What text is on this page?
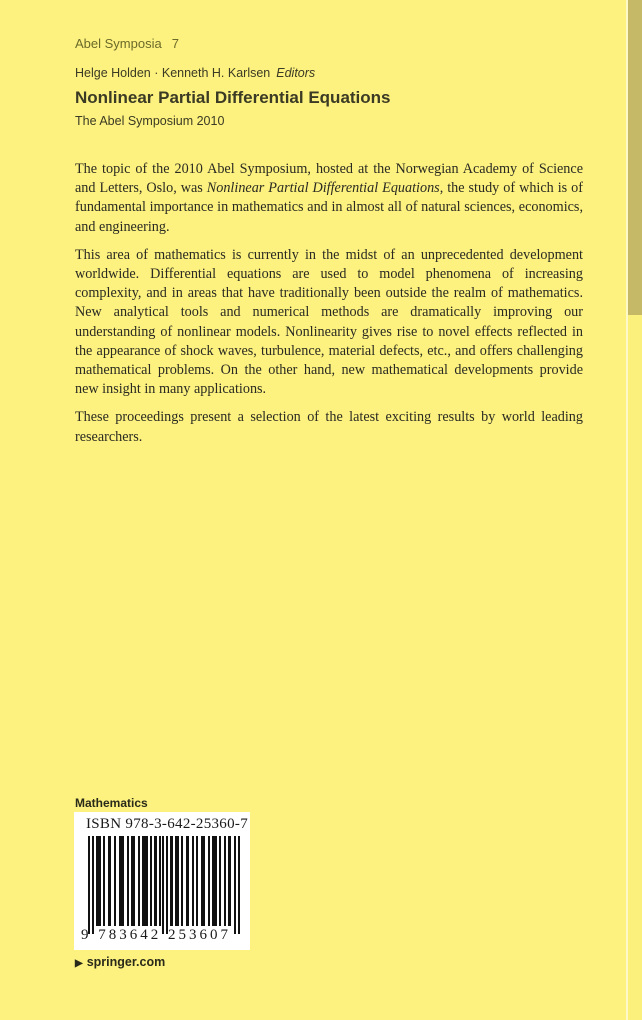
Abel Symposia 7
Helge Holden · Kenneth H. Karlsen Editors
Nonlinear Partial Differential Equations
The Abel Symposium 2010

The topic of the 2010 Abel Symposium, hosted at the Norwegian Academy of Science and Letters, Oslo, was Nonlinear Partial Differential Equations, the study of which is of fundamental importance in mathematics and in almost all of natural sciences, economics, and engineering.

This area of mathematics is currently in the midst of an unprecedented development worldwide. Differential equations are used to model phenomena of increasing complexity, and in areas that have traditionally been outside the realm of mathematics. New analytical tools and numerical methods are dramatically improving our understanding of nonlinear models. Nonlinearity gives rise to novel effects reflected in the appearance of shock waves, turbulence, material defects, etc., and offers challenging mathematical problems. On the other hand, new mathematical developments provide new insight in many applications.

These proceedings present a selection of the latest exciting results by world leading researchers.

Mathematics
ISBN 978-3-642-25360-7
9 783642 253607
▶ springer.com
